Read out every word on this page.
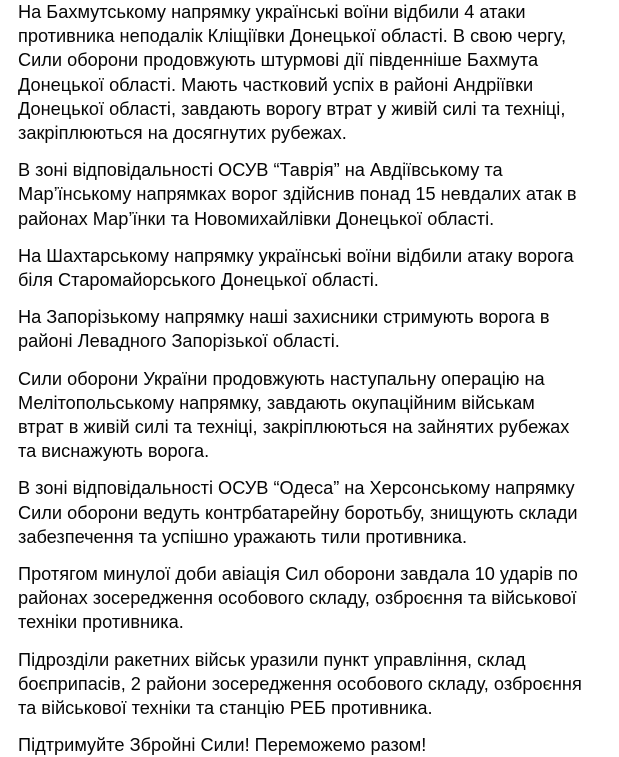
На Бахмутському напрямку українські воїни відбили 4 атаки
противника неподалік Кліщіївки Донецької області. В свою чергу,
Сили оборони продовжують штурмові дії південніше Бахмута
Донецької області. Мають частковий успіх в районі Андріївки
Донецької області, завдають ворогу втрат у живій силі та техніці,
закріплюються на досягнутих рубежах.

В зоні відповідальності ОСУВ “Таврія” на Авдіївському та
Мар’їнському напрямках ворог здійснив понад 15 невдалих атак в
районах Мар’їнки та Новомихайлівки Донецької області.

На Шахтарському напрямку українські воїни відбили атаку ворога
біля Старомайорського Донецької області.

На Запорізькому напрямку наші захисники стримують ворога в
районі Левадного Запорізької області.

Сили оборони України продовжують наступальну операцію на
Мелітопольському напрямку, завдають окупаційним військам
втрат в живій силі та техніці, закріплюються на зайнятих рубежах
та виснажують ворога.

В зоні відповідальності ОСУВ “Одеса” на Херсонському напрямку
Сили оборони ведуть контрбатарейну боротьбу, знищують склади
забезпечення та успішно уражають тили противника.

Протягом минулої доби авіація Сил оборони завдала 10 ударів по
районах зосередження особового складу, озброєння та військової
техніки противника.

Підрозділи ракетних військ уразили пункт управління, склад
боєприпасів, 2 райони зосередження особового складу, озброєння
та військової техніки та станцію РЕБ противника.

Підтримуйте Збройні Сили! Переможемо разом!
